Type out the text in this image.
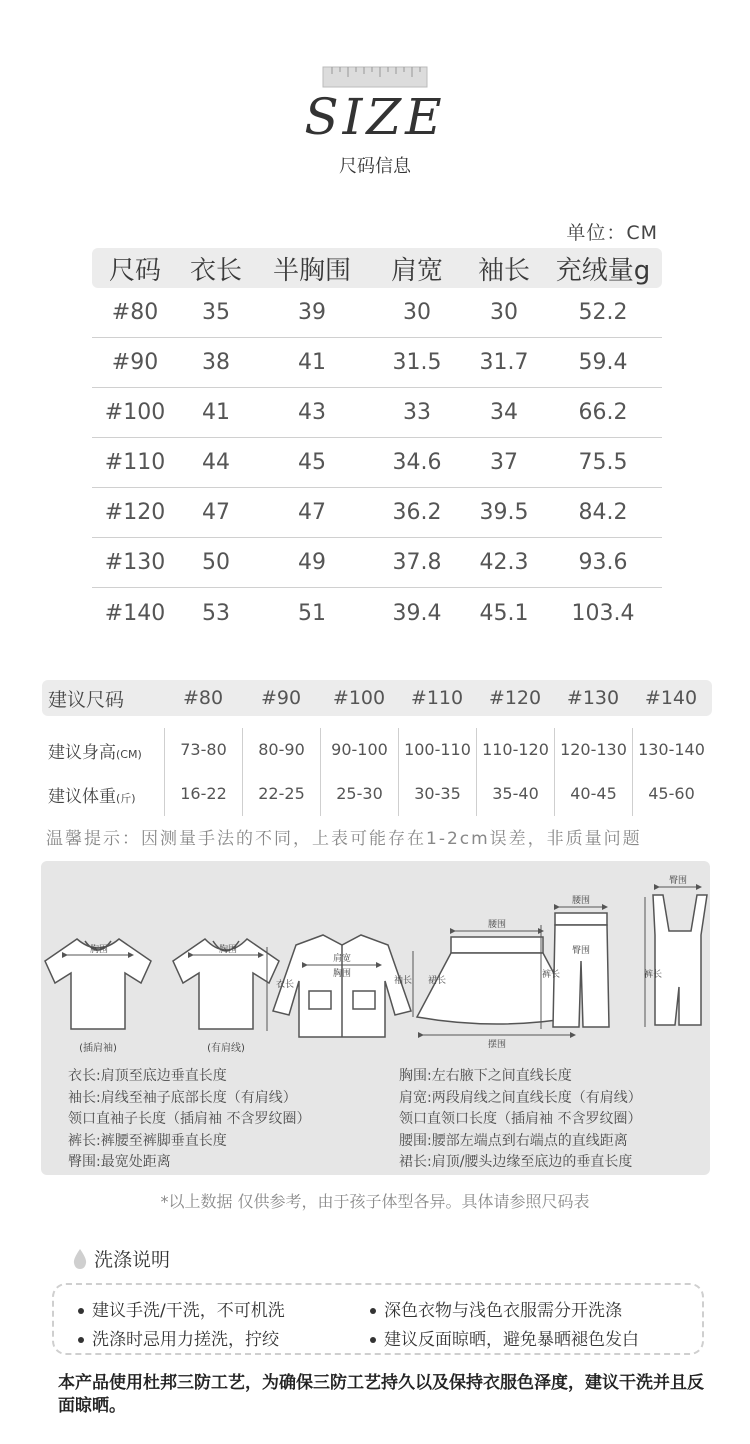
SIZE
尺码信息
单位：CM
尺码	衣长	半胸围	肩宽	袖长 充绒量g
#80	35	39	30	30	52.2
#90	38	41	31.5	31.7	59.4
#100	41	43	33	34	66.2
#110	44	45	34.6	37	75.5
#120	47	47	36.2	39.5	84.2
#130	50	49	37.8	42.3	93.6
#140	53	51	39.4	45.1	103.4
建议尺码	#80	#90	#100	#110	#120	#130	#140
建议身高(CM)	73-80	80-90	90-100	100-110 110-120 120-130 130-140
建议体重(斤)	16-22	22-25	25-30	30-35	35-40	40-45	45-60
温馨提示：因测量手法的不同，上表可能存在1-2cm误差，非质量问题
胸围	胸围
肩宽
胸围
衣长	袖长
腰围
摆围
裙长
腰围
臀围
裤长
臀围
裤长
(插肩袖)	(有肩线)
衣长:肩顶至底边垂直长度
袖长:肩线至袖子底部长度（有肩线）
领口直袖子长度（插肩袖 不含罗纹圈）
裤长:裤腰至裤脚垂直长度
臀围:最宽处距离
胸围:左右腋下之间直线长度
肩宽:两段肩线之间直线长度（有肩线）
领口直领口长度（插肩袖 不含罗纹圈）
腰围:腰部左端点到右端点的直线距离
裙长:肩顶/腰头边缘至底边的垂直长度
*以上数据 仅供参考，由于孩子体型各异。具体请参照尺码表
洗涤说明
建议手洗/干洗，不可机洗	深色衣物与浅色衣服需分开洗涤
洗涤时忌用力搓洗，拧绞	建议反面晾晒，避免暴晒褪色发白
本产品使用杜邦三防工艺，为确保三防工艺持久以及保持衣服色泽度，建议干洗并且反面晾晒。
